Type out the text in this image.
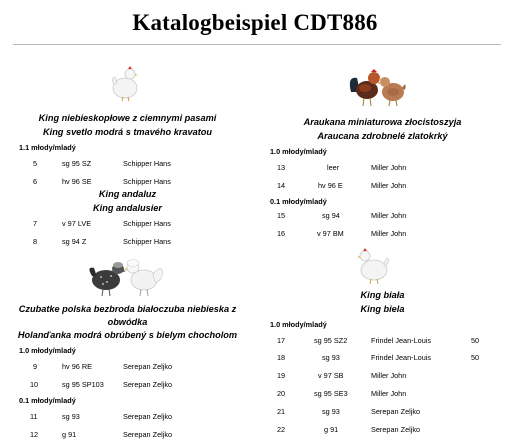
Katalogbeispiel CDT886
King niebieskopłowe z ciemnymi pasami
King svetlo modrá s tmavého kravatou
1.1 młody/mladý
5	sg 95 SZ	Schipper Hans
6	hv 96 SE	Schipper Hans
King andaluz
King andalusier
7	v 97 LVE	Schipper Hans
8	sg 94 Z	Schipper Hans
Czubatke polska bezbroda białoczuba niebieska z obwódka
Holanďanka modrá obrúbený s bielym chocholom
1.0 młody/mladý
9	hv 96 RE	Serepan Zeljko
10	sg 95 SP103	Serepan Zeljko
0.1 młody/mladý
11	sg 93	Serepan Zeljko
12	g 91	Serepan Zeljko
Araukana miniaturowa złocistoszyja
Araucana zdrobnelé zlatokrký
1.0 młody/mladý
13	leer	Miller John
14	hv 96 E	Miller John
0.1 młody/mladý
15	sg 94	Miller John
16	v 97 BM	Miller John
King biała
King biela
1.0 młody/mladý
17	sg 95 SZ2	Frindel Jean-Louis	50
18	sg 93	Frindel Jean-Louis	50
19	v 97 SB	Miller John
20	sg 95 SE3	Miller John
21	sg 93	Serepan Zeljko
22	g 91	Serepan Zeljko
